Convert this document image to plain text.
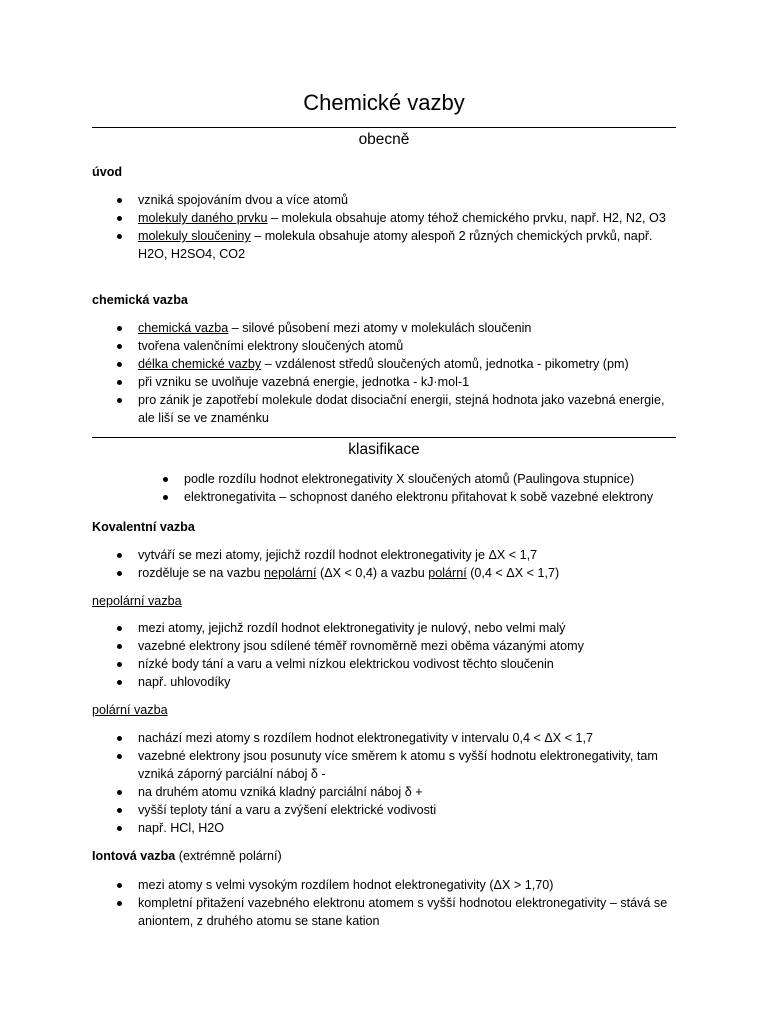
Chemické vazby
obecně
úvod
vzniká spojováním dvou a více atomů
molekuly daného prvku – molekula obsahuje atomy téhož chemického prvku, např. H2, N2, O3
molekuly sloučeniny – molekula obsahuje atomy alespoň 2 různých chemických prvků, např. H2O, H2SO4, CO2
chemická vazba
chemická vazba – silové působení mezi atomy v molekulách sloučenin
tvořena valenčními elektrony sloučených atomů
délka chemické vazby – vzdálenost středů sloučených atomů, jednotka - pikometry (pm)
při vzniku se uvolňuje vazebná energie, jednotka - kJ·mol-1
pro zánik je zapotřebí molekule dodat disociační energii, stejná hodnota jako vazebná energie, ale liší se ve znaménku
klasifikace
podle rozdílu hodnot elektronegativity X sloučených atomů (Paulingova stupnice)
elektronegativita – schopnost daného elektronu přitahovat k sobě vazebné elektrony
Kovalentní vazba
vytváří se mezi atomy, jejichž rozdíl hodnot elektronegativity je ΔX < 1,7
rozděluje se na vazbu nepolární (ΔX < 0,4) a vazbu polární (0,4 < ΔX < 1,7)
nepolární vazba
mezi atomy, jejichž rozdíl hodnot elektronegativity je nulový, nebo velmi malý
vazebné elektrony jsou sdílené téměř rovnoměrně mezi oběma vázanými atomy
nízké body tání a varu a velmi nízkou elektrickou vodivost těchto sloučenin
např. uhlovodíky
polární vazba
nachází mezi atomy s rozdílem hodnot elektronegativity v intervalu 0,4 < ΔX < 1,7
vazebné elektrony jsou posunuty více směrem k atomu s vyšší hodnotu elektronegativity, tam vzniká záporný parciální náboj δ -
na druhém atomu vzniká kladný parciální náboj δ +
vyšší teploty tání a varu a zvýšení elektrické vodivosti
např. HCl, H2O
Iontová vazba (extrémně polární)
mezi atomy s velmi vysokým rozdílem hodnot elektronegativity (ΔX > 1,70)
kompletní přitažení vazebného elektronu atomem s vyšší hodnotou elektronegativity – stává se aniontem, z druhého atomu se stane kation
